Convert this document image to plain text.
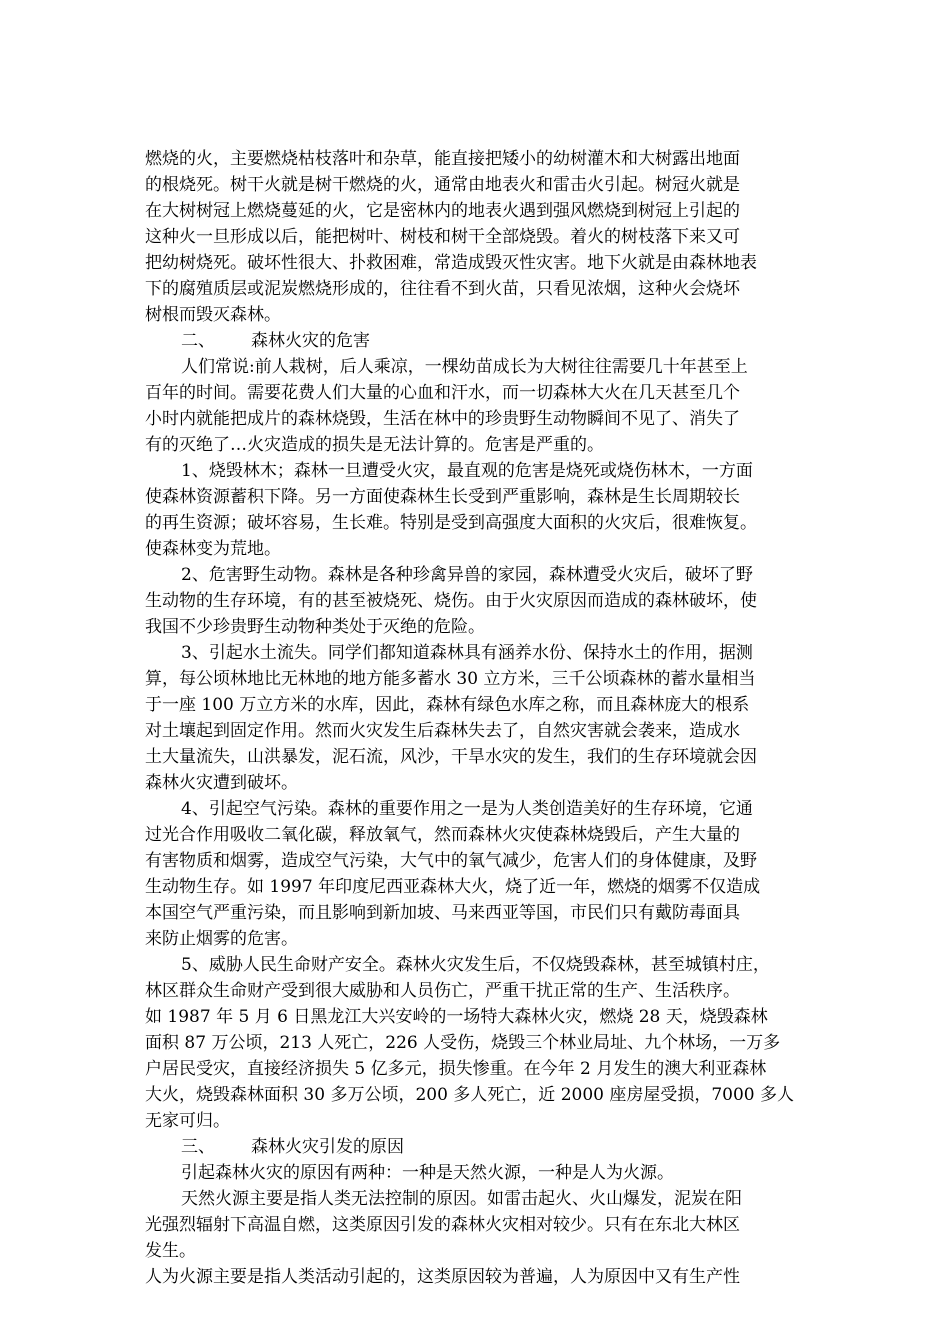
燃烧的火，主要燃烧枯枝落叶和杂草，能直接把矮小的幼树灌木和大树露出地面
的根烧死。树干火就是树干燃烧的火，通常由地表火和雷击火引起。树冠火就是
在大树树冠上燃烧蔓延的火，它是密林内的地表火遇到强风燃烧到树冠上引起的
这种火一旦形成以后，能把树叶、树枝和树干全部烧毁。着火的树枝落下来又可
把幼树烧死。破坏性很大、扑救困难，常造成毁灭性灾害。地下火就是由森林地表
下的腐殖质层或泥炭燃烧形成的，往往看不到火苗，只看见浓烟，这种火会烧坏
树根而毁灭森林。
二、 森林火灾的危害
人们常说:前人栽树，后人乘凉，一棵幼苗成长为大树往往需要几十年甚至上
百年的时间。需要花费人们大量的心血和汗水，而一切森林大火在几天甚至几个
小时内就能把成片的森林烧毁，生活在林中的珍贵野生动物瞬间不见了、消失了
有的灭绝了…火灾造成的损失是无法计算的。危害是严重的。
1、烧毁林木；森林一旦遭受火灾，最直观的危害是烧死或烧伤林木，一方面
使森林资源蓄积下降。另一方面使森林生长受到严重影响，森林是生长周期较长
的再生资源；破坏容易，生长难。特别是受到高强度大面积的火灾后，很难恢复。
使森林变为荒地。
2、危害野生动物。森林是各种珍禽异兽的家园，森林遭受火灾后，破坏了野
生动物的生存环境，有的甚至被烧死、烧伤。由于火灾原因而造成的森林破坏，使
我国不少珍贵野生动物种类处于灭绝的危险。
3、引起水土流失。同学们都知道森林具有涵养水份、保持水土的作用，据测
算，每公顷林地比无林地的地方能多蓄水 30 立方米，三千公顷森林的蓄水量相当
于一座 100 万立方米的水库，因此，森林有绿色水库之称，而且森林庞大的根系
对土壤起到固定作用。然而火灾发生后森林失去了，自然灾害就会袭来，造成水
土大量流失，山洪暴发，泥石流，风沙，干旱水灾的发生，我们的生存环境就会因
森林火灾遭到破坏。
4、引起空气污染。森林的重要作用之一是为人类创造美好的生存环境，它通
过光合作用吸收二氧化碳，释放氧气，然而森林火灾使森林烧毁后，产生大量的
有害物质和烟雾，造成空气污染，大气中的氧气减少，危害人们的身体健康，及野
生动物生存。如 1997 年印度尼西亚森林大火，烧了近一年，燃烧的烟雾不仅造成
本国空气严重污染，而且影响到新加坡、马来西亚等国，市民们只有戴防毒面具
来防止烟雾的危害。
5、威胁人民生命财产安全。森林火灾发生后，不仅烧毁森林，甚至城镇村庄，
林区群众生命财产受到很大威胁和人员伤亡，严重干扰正常的生产、生活秩序。
如 1987 年 5 月 6 日黑龙江大兴安岭的一场特大森林火灾，燃烧 28 天，烧毁森林
面积 87 万公顷，213 人死亡，226 人受伤，烧毁三个林业局址、九个林场，一万多
户居民受灾，直接经济损失 5 亿多元，损失惨重。在今年 2 月发生的澳大利亚森林
大火，烧毁森林面积 30 多万公顷，200 多人死亡，近 2000 座房屋受损，7000 多人
无家可归。
三、 森林火灾引发的原因
引起森林火灾的原因有两种：一种是天然火源，一种是人为火源。
天然火源主要是指人类无法控制的原因。如雷击起火、火山爆发，泥炭在阳
光强烈辐射下高温自燃，这类原因引发的森林火灾相对较少。只有在东北大林区
发生。
人为火源主要是指人类活动引起的，这类原因较为普遍，人为原因中又有生产性
